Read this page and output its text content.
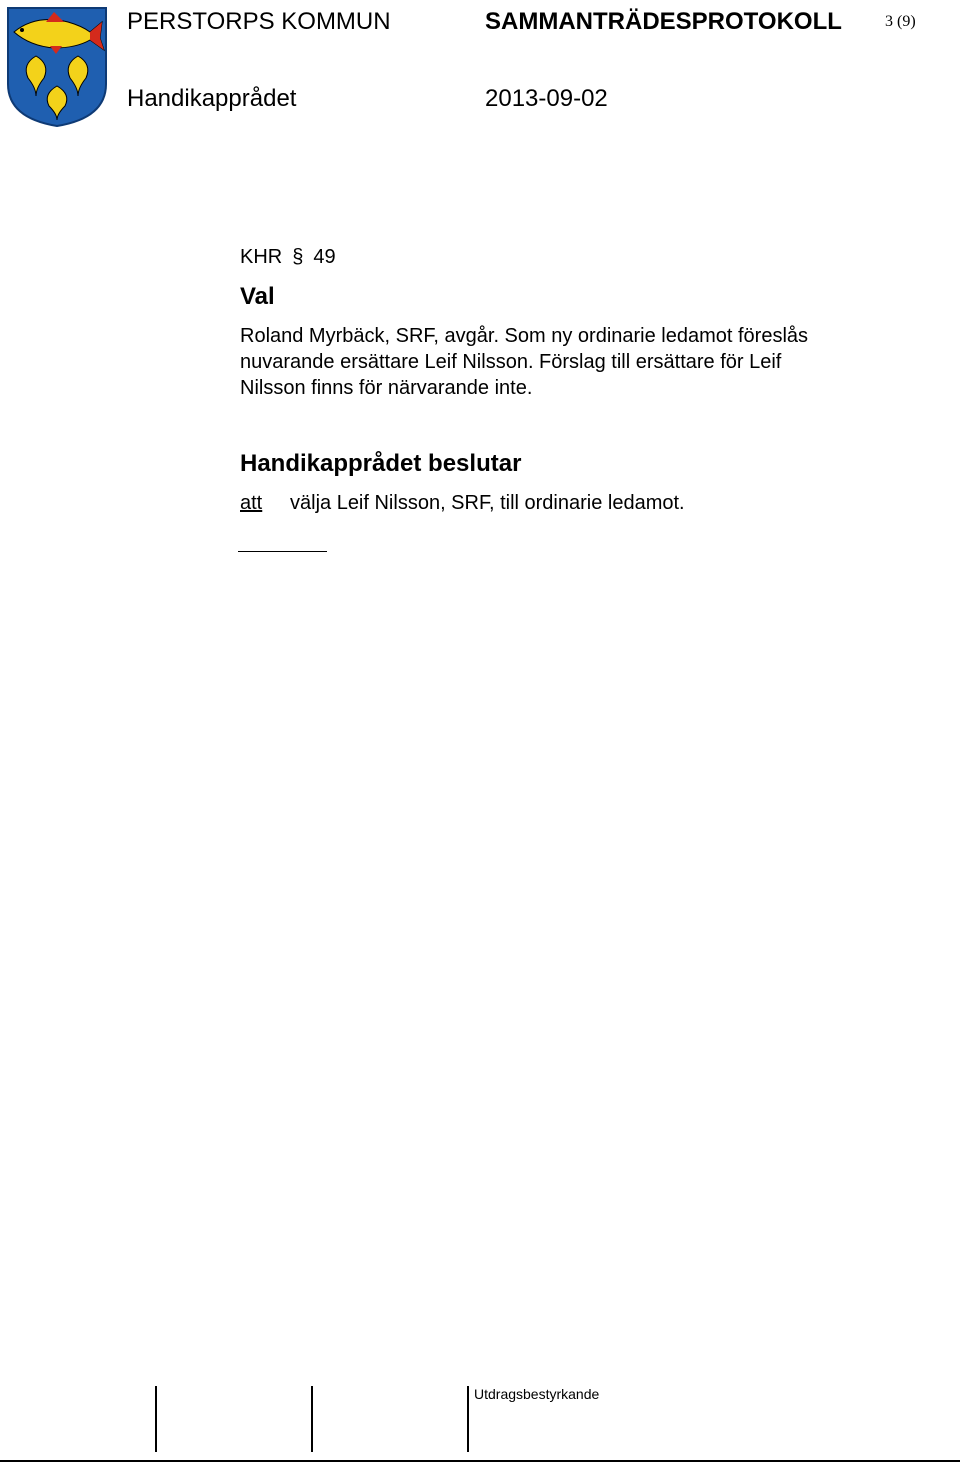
PERSTORPS KOMMUN	SAMMANTRÄDESPROTOKOLL	3 (9)
Handikapprådet	2013-09-02
KHR § 49
Val
Roland Myrbäck, SRF, avgår. Som ny ordinarie ledamot föreslås
nuvarande ersättare Leif Nilsson. Förslag till ersättare för Leif
Nilsson finns för närvarande inte.
Handikapprådet beslutar
att välja Leif Nilsson, SRF, till ordinarie ledamot.
Utdragsbestyrkande
